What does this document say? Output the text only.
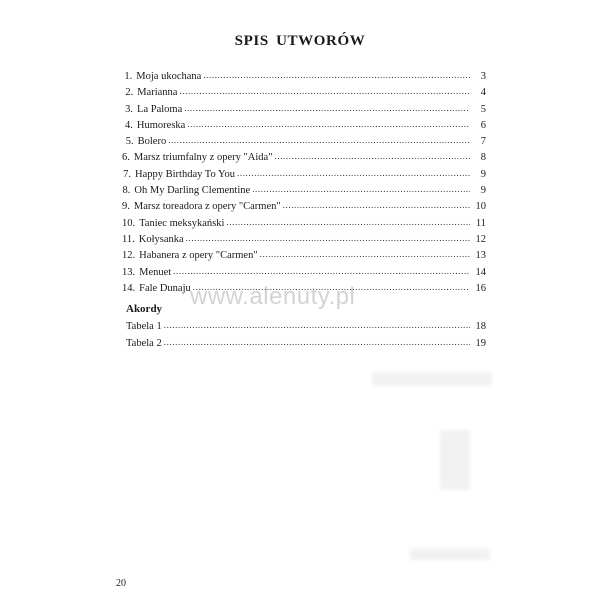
SPIS UTWORÓW
1. Moja ukochana .....	3
2. Marianna .....	4
3. La Paloma .....	5
4. Humoreska .....	6
5. Bolero .....	7
6. Marsz triumfalny z opery "Aida" .....	8
7. Happy Birthday To You .....	9
8. Oh My Darling Clementine .....	9
9. Marsz toreadora z opery "Carmen" .....	10
10. Taniec meksykański .....	11
11. Kołysanka .....	12
12. Habanera z opery "Carmen" .....	13
13. Menuet .....	14
14. Fale Dunaju .....	16
www.alenuty.pl
Akordy
Tabela 1 .....	18
Tabela 2 .....	19
20
